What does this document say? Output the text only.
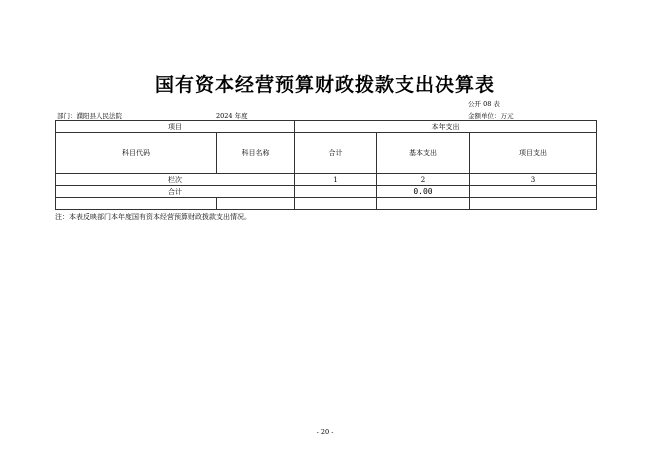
国有资本经营预算财政拨款支出决算表
公开 08 表
部门：濮阳县人民法院	2024 年度	金额单位：万元
项目		本年支出		
科目代码	科目名称	合计	基本支出	项目支出
栏次		1	2	3
合计			0.00	

注：本表反映部门本年度国有资本经营预算财政拨款支出情况。
- 20 -
